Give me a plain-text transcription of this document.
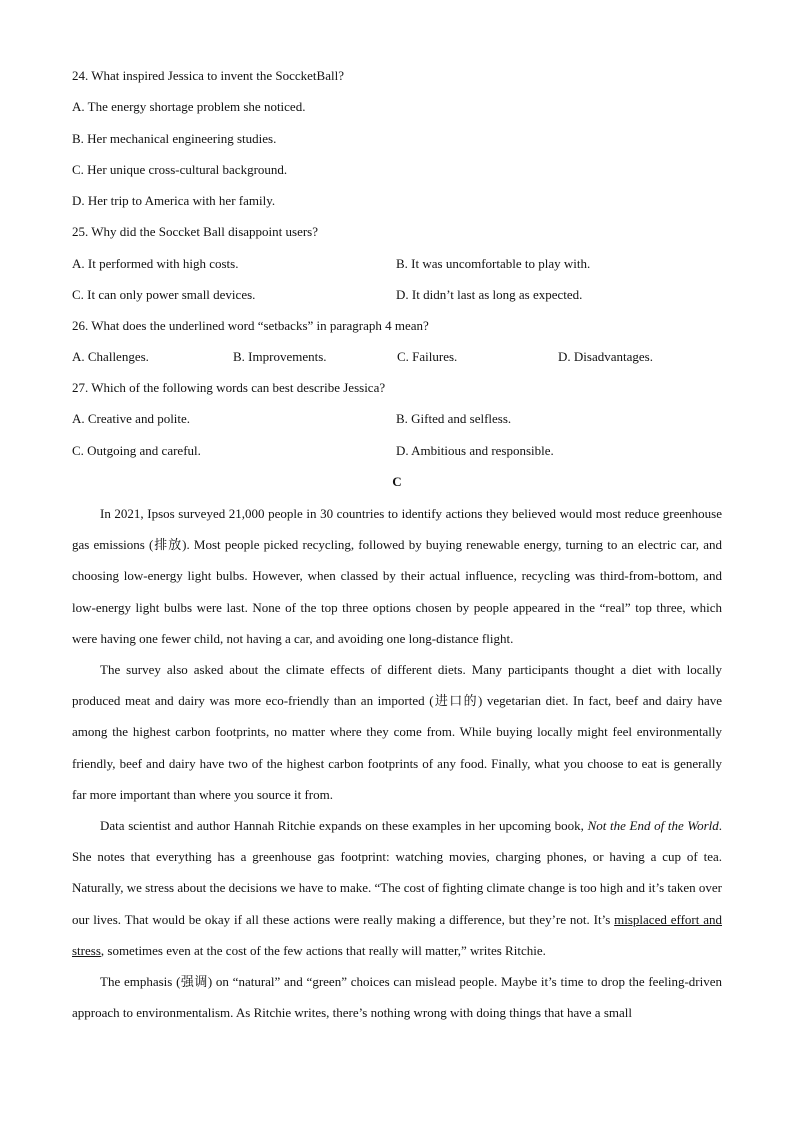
24. What inspired Jessica to invent the SoccketBall?
A. The energy shortage problem she noticed.
B. Her mechanical engineering studies.
C. Her unique cross-cultural background.
D. Her trip to America with her family.
25. Why did the Soccket Ball disappoint users?
A. It performed with high costs.	B. It was uncomfortable to play with.
C. It can only power small devices.	D. It didn’t last as long as expected.
26. What does the underlined word “setbacks” in paragraph 4 mean?
A. Challenges.	B. Improvements.	C. Failures.	D. Disadvantages.
27. Which of the following words can best describe Jessica?
A. Creative and polite.	B. Gifted and selfless.
C. Outgoing and careful.	D. Ambitious and responsible.
C
In 2021, Ipsos surveyed 21,000 people in 30 countries to identify actions they believed would most reduce greenhouse gas emissions (排放). Most people picked recycling, followed by buying renewable energy, turning to an electric car, and choosing low-energy light bulbs. However, when classed by their actual influence, recycling was third-from-bottom, and low-energy light bulbs were last. None of the top three options chosen by people appeared in the “real” top three, which were having one fewer child, not having a car, and avoiding one long-distance flight.
The survey also asked about the climate effects of different diets. Many participants thought a diet with locally produced meat and dairy was more eco-friendly than an imported (进口的) vegetarian diet. In fact, beef and dairy have among the highest carbon footprints, no matter where they come from. While buying locally might feel environmentally friendly, beef and dairy have two of the highest carbon footprints of any food. Finally, what you choose to eat is generally far more important than where you source it from.
Data scientist and author Hannah Ritchie expands on these examples in her upcoming book, Not the End of the World. She notes that everything has a greenhouse gas footprint: watching movies, charging phones, or having a cup of tea. Naturally, we stress about the decisions we have to make. “The cost of fighting climate change is too high and it’s taken over our lives. That would be okay if all these actions were really making a difference, but they’re not. It’s misplaced effort and stress, sometimes even at the cost of the few actions that really will matter,” writes Ritchie.
The emphasis (强调) on “natural” and “green” choices can mislead people. Maybe it’s time to drop the feeling-driven approach to environmentalism. As Ritchie writes, there’s nothing wrong with doing things that have a small
